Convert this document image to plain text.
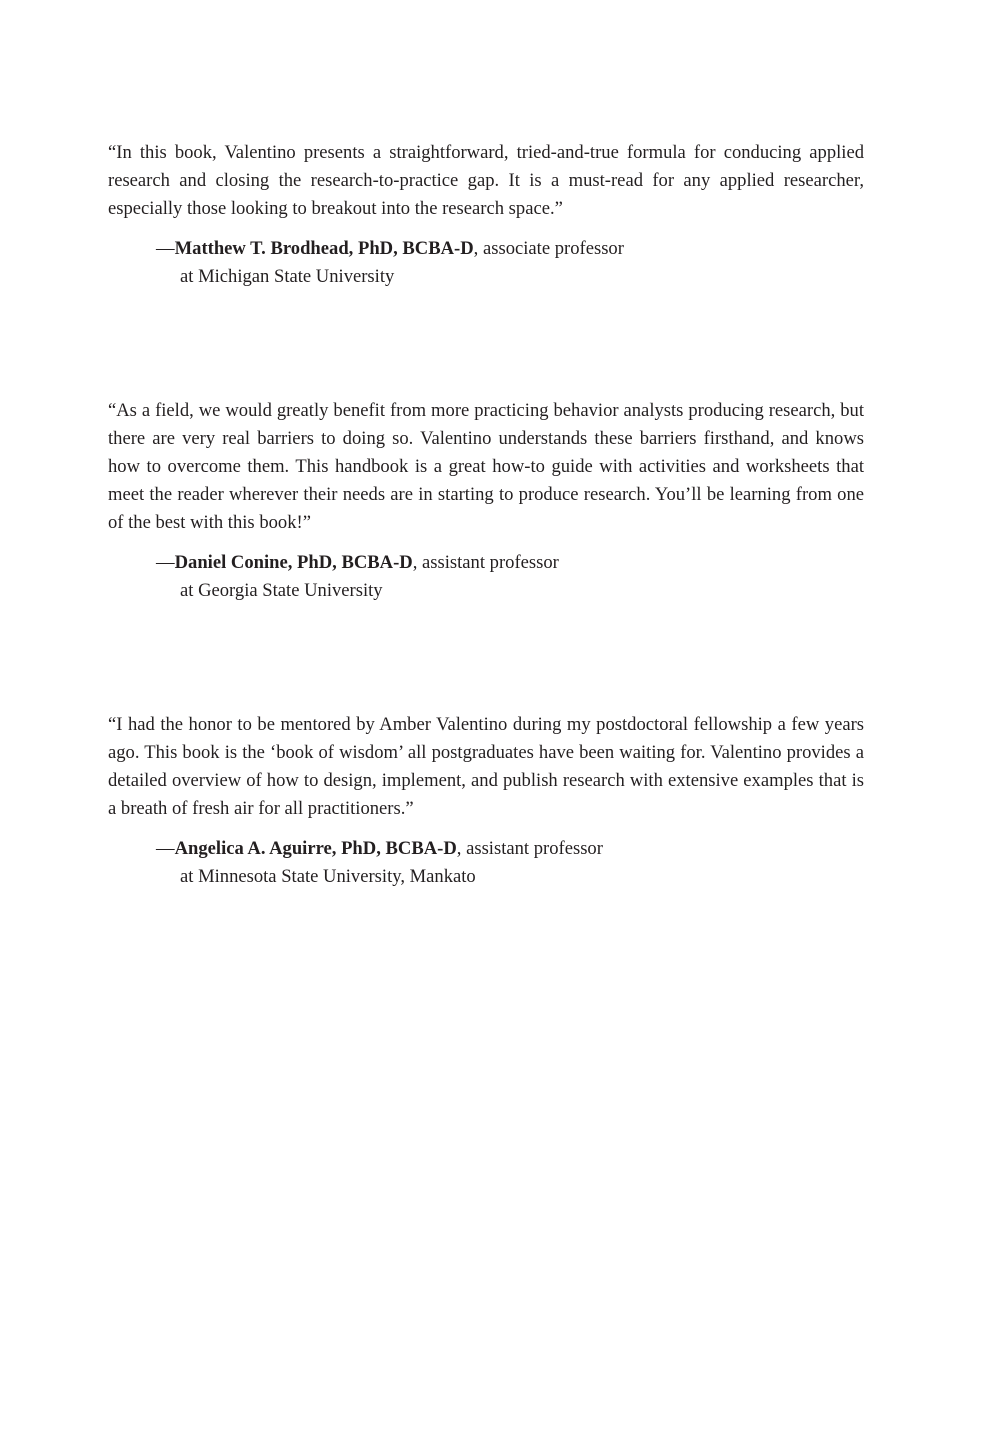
“In this book, Valentino presents a straightforward, tried-and-true formula for conducing applied research and closing the research-to-practice gap. It is a must-read for any applied researcher, especially those looking to breakout into the research space.”

—Matthew T. Brodhead, PhD, BCBA-D, associate professor
at Michigan State University

“As a field, we would greatly benefit from more practicing behavior analysts producing research, but there are very real barriers to doing so. Valentino understands these barriers firsthand, and knows how to overcome them. This handbook is a great how-to guide with activities and worksheets that meet the reader wherever their needs are in starting to produce research. You’ll be learning from one of the best with this book!”

—Daniel Conine, PhD, BCBA-D, assistant professor
at Georgia State University

“I had the honor to be mentored by Amber Valentino during my postdoctoral fellowship a few years ago. This book is the ‘book of wisdom’ all postgraduates have been waiting for. Valentino provides a detailed overview of how to design, implement, and publish research with extensive examples that is a breath of fresh air for all practitioners.”

—Angelica A. Aguirre, PhD, BCBA-D, assistant professor
at Minnesota State University, Mankato
